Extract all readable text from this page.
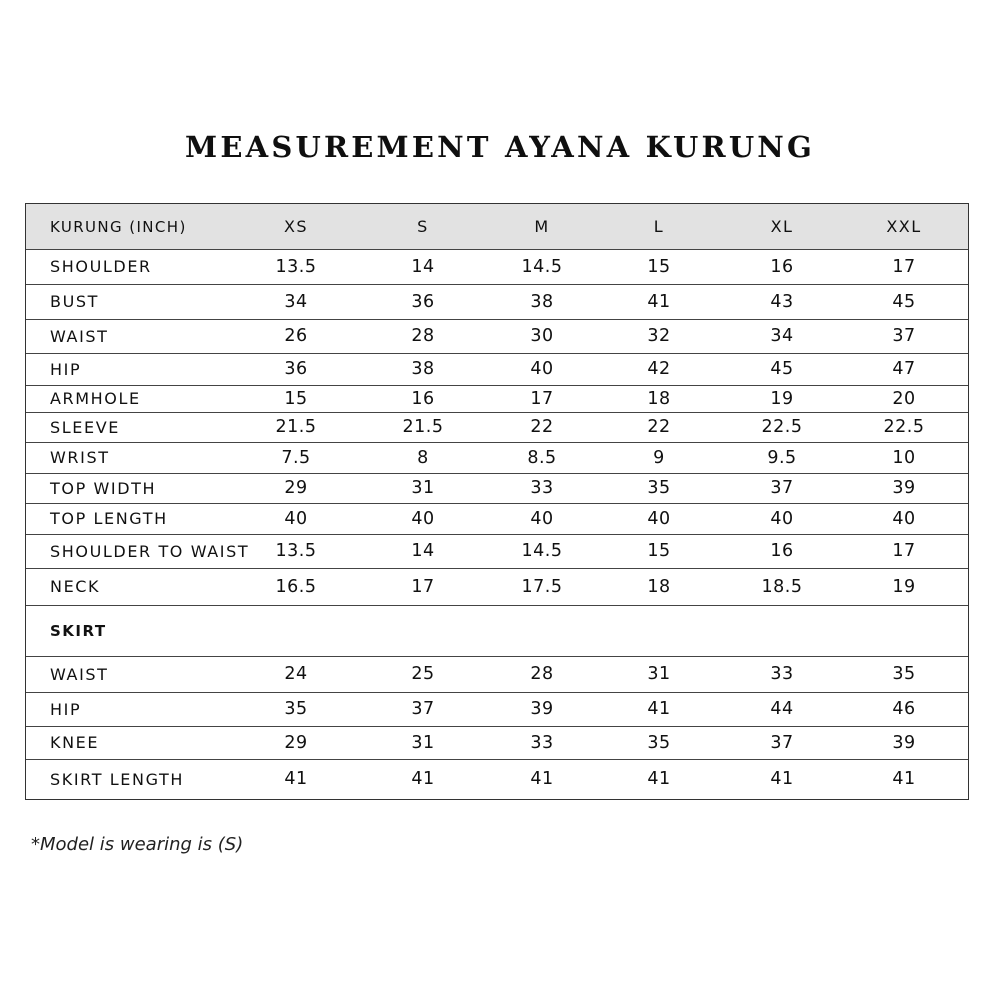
MEASUREMENT AYANA KURUNG
KURUNG (INCH)	XS	S	M	L	XL	XXL
SHOULDER	13.5	14	14.5	15	16	17
BUST	34	36	38	41	43	45
WAIST	26	28	30	32	34	37
HIP	36	38	40	42	45	47
ARMHOLE	15	16	17	18	19	20
SLEEVE	21.5	21.5	22	22	22.5	22.5
WRIST	7.5	8	8.5	9	9.5	10
TOP WIDTH	29	31	33	35	37	39
TOP LENGTH	40	40	40	40	40	40
SHOULDER TO WAIST	13.5	14	14.5	15	16	17
NECK	16.5	17	17.5	18	18.5	19
SKIRT
WAIST	24	25	28	31	33	35
HIP	35	37	39	41	44	46
KNEE	29	31	33	35	37	39
SKIRT LENGTH	41	41	41	41	41	41
*Model is wearing is (S)
